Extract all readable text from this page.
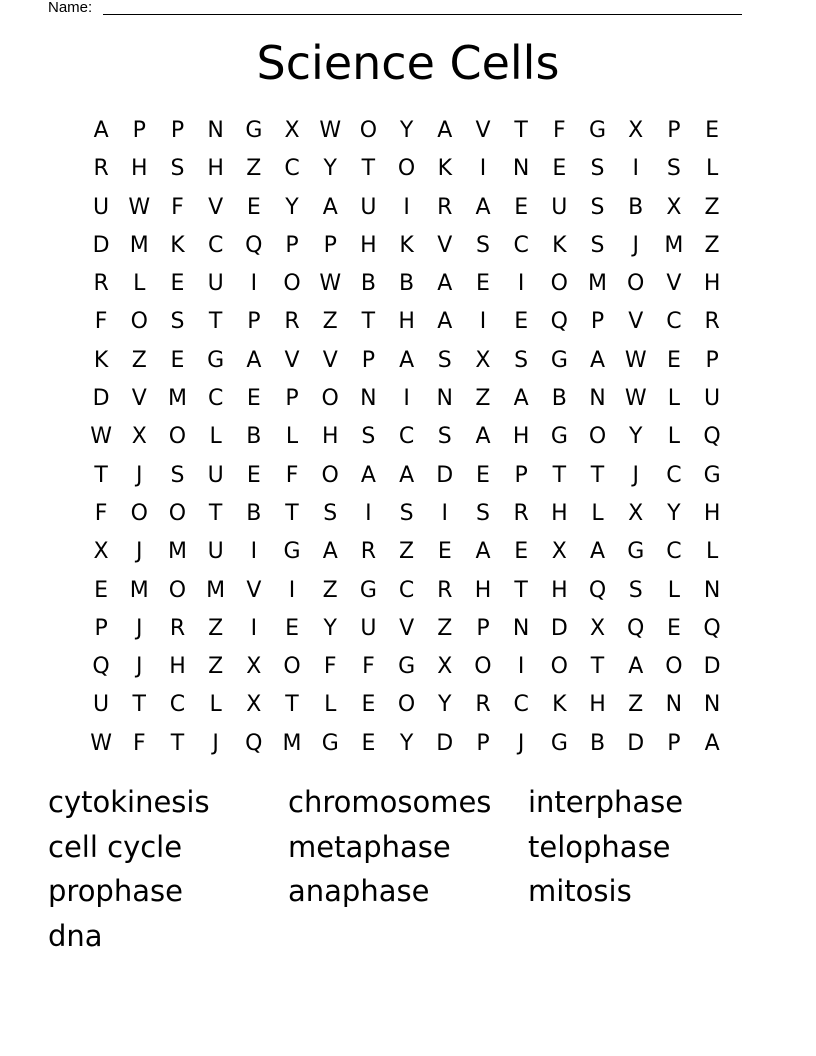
Name:
Science Cells
A	P	P	N G	X W O	Y	A	V	T	F	G	X	P	E
R	H	S	H	Z	C	Y	T	O	K	I	N	E	S	I	S	L
U W F	V	E	Y	A	U	I	R	A	E	U	S	B	X	Z
D M K	C Q	P	P	H	K	V	S	C	K	S	J	M Z
R	L	E	U	I	O W B	B	A	E	I	O M O	V	H
F	O	S	T	P	R	Z	T	H	A	I	E	Q	P	V	C	R
K	Z	E	G	A	V	V	P	A	S	X	S	G	A W E	P
D	V M C	E	P	O N	I	N	Z	A	B	N W L	U
W X O	L	B	L	H	S	C	S	A	H G O	Y	L	Q
T	J	S	U	E	F	O	A	A	D	E	P	T	T	J	C G
F	O O	T	B	T	S	I	S	I	S	R	H	L	X	Y	H
X	J	M U	I	G	A	R	Z	E	A	E	X	A	G C	L
E M O M V	I	Z	G C	R	H	T	H Q	S	L	N
P	J	R	Z	I	E	Y	U	V	Z	P	N D	X Q	E	Q
Q	J	H	Z	X O	F	F	G	X O	I	O	T	A O D
U	T	C	L	X	T	L	E	O	Y	R	C	K	H	Z	N N
W F	T	J	Q M G	E	Y	D	P	J	G	B	D	P	A
cytokinesis	chromosomes	interphase
cell cycle	metaphase	telophase
prophase	anaphase	mitosis
dna
